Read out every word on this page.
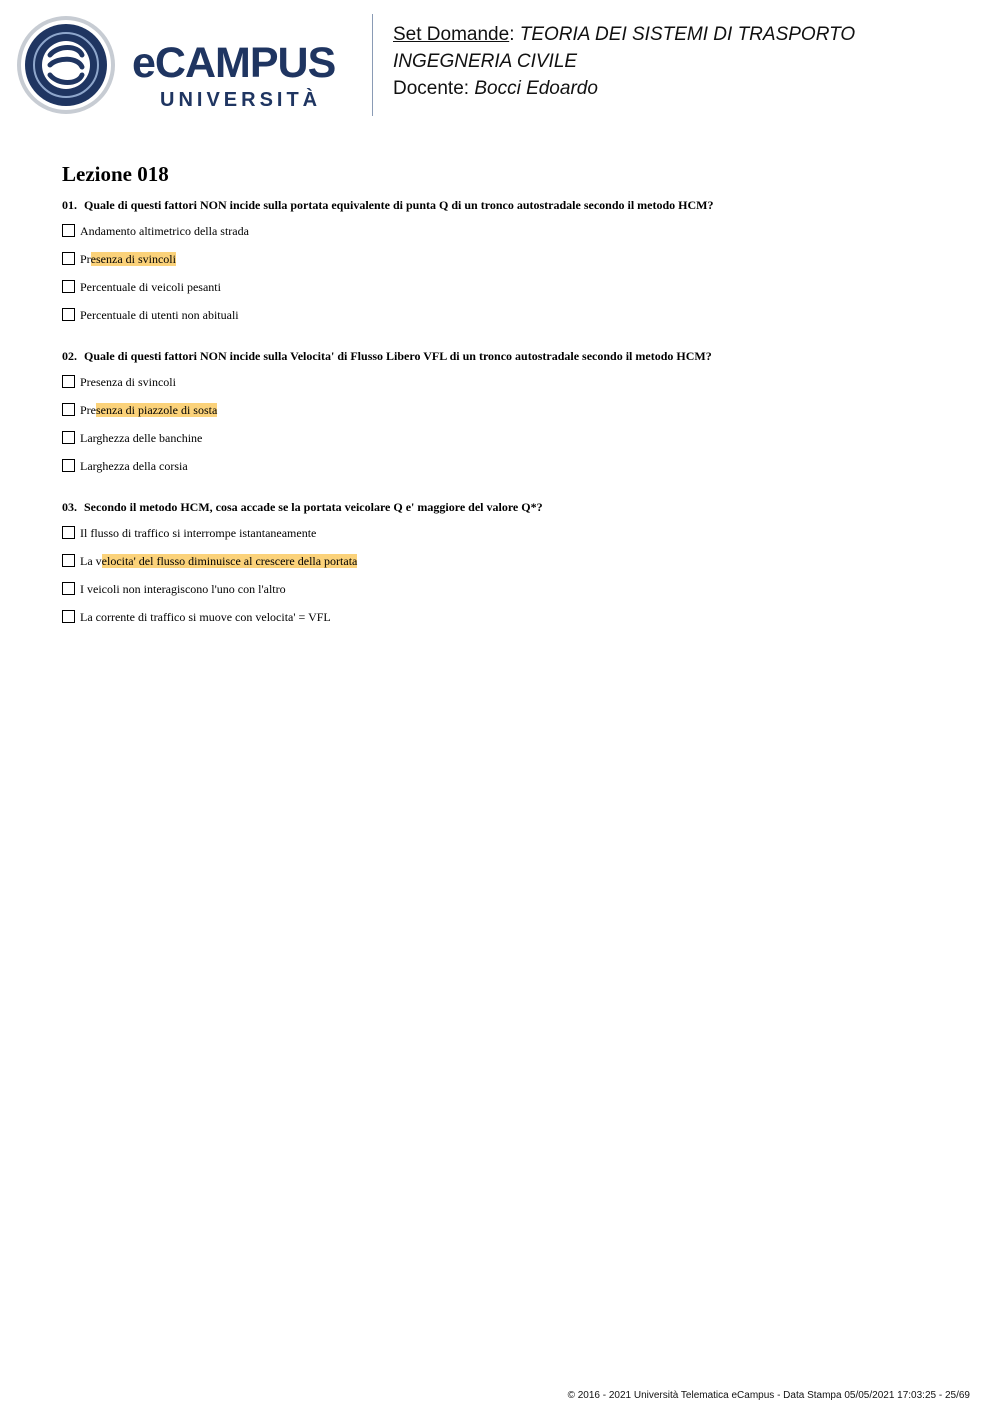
eCAMPUS
UNIVERSITÀ
Set Domande: TEORIA DEI SISTEMI DI TRASPORTO
INGEGNERIA CIVILE
Docente: Bocci Edoardo
Lezione 018
01. Quale di questi fattori NON incide sulla portata equivalente di punta Q di un tronco autostradale secondo il metodo HCM?
Andamento altimetrico della strada
Presenza di svincoli
Percentuale di veicoli pesanti
Percentuale di utenti non abituali
02. Quale di questi fattori NON incide sulla Velocita' di Flusso Libero VFL di un tronco autostradale secondo il metodo HCM?
Presenza di svincoli
Presenza di piazzole di sosta
Larghezza delle banchine
Larghezza della corsia
03. Secondo il metodo HCM, cosa accade se la portata veicolare Q e' maggiore del valore Q*?
Il flusso di traffico si interrompe istantaneamente
La velocita' del flusso diminuisce al crescere della portata
I veicoli non interagiscono l'uno con l'altro
La corrente di traffico si muove con velocita' = VFL
© 2016 - 2021 Università Telematica eCampus - Data Stampa 05/05/2021 17:03:25 - 25/69
